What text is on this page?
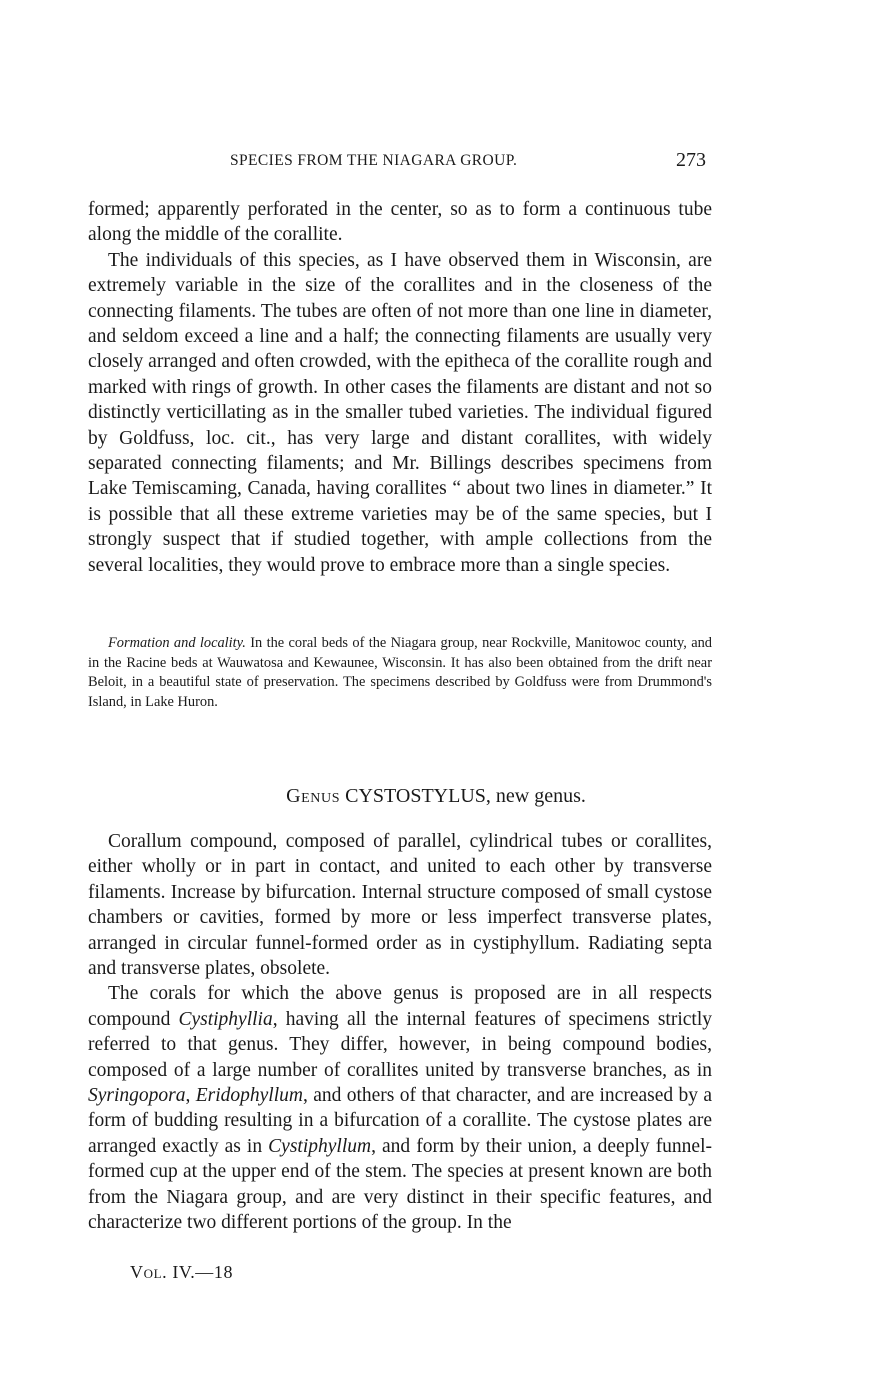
SPECIES FROM THE NIAGARA GROUP.	273

formed; apparently perforated in the center, so as to form a continuous tube along the middle of the corallite.

The individuals of this species, as I have observed them in Wisconsin, are extremely variable in the size of the corallites and in the closeness of the connecting filaments. The tubes are often of not more than one line in diameter, and seldom exceed a line and a half; the connecting filaments are usually very closely arranged and often crowded, with the epitheca of the corallite rough and marked with rings of growth. In other cases the filaments are distant and not so distinctly verticillating as in the smaller tubed varieties. The individual figured by Goldfuss, loc. cit., has very large and distant corallites, with widely separated connecting filaments; and Mr. Billings describes specimens from Lake Temiscaming, Canada, having corallites “ about two lines in diameter.” It is possible that all these extreme varieties may be of the same species, but I strongly suspect that if studied together, with ample collections from the several localities, they would prove to embrace more than a single species.

Formation and locality. In the coral beds of the Niagara group, near Rockville, Manitowoc county, and in the Racine beds at Wauwatosa and Kewaunee, Wisconsin. It has also been obtained from the drift near Beloit, in a beautiful state of preservation. The specimens described by Goldfuss were from Drummond's Island, in Lake Huron.

Genus CYSTOSTYLUS, new genus.

Corallum compound, composed of parallel, cylindrical tubes or corallites, either wholly or in part in contact, and united to each other by transverse filaments. Increase by bifurcation. Internal structure composed of small cystose chambers or cavities, formed by more or less imperfect transverse plates, arranged in circular funnel-formed order as in cystiphyllum. Radiating septa and transverse plates, obsolete.

The corals for which the above genus is proposed are in all respects compound Cystiphyllia, having all the internal features of specimens strictly referred to that genus. They differ, however, in being compound bodies, composed of a large number of corallites united by transverse branches, as in Syringopora, Eridophyllum, and others of that character, and are increased by a form of budding resulting in a bifurcation of a corallite. The cystose plates are arranged exactly as in Cystiphyllum, and form by their union, a deeply funnel-formed cup at the upper end of the stem. The species at present known are both from the Niagara group, and are very distinct in their specific features, and characterize two different portions of the group. In the

Vol. IV.—18
